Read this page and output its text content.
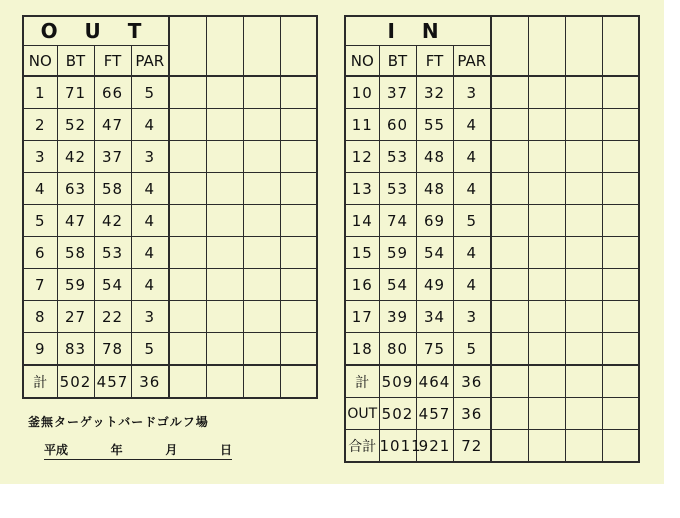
O U T							
NO	BT	FT	PAR				
1	71	66	5				
2	52	47	4				
3	42	37	3				
4	63	58	4				
5	47	42	4				
6	58	53	4				
7	59	54	4				
8	27	22	3				
9	83	78	5				
計	502	457	36				
I N							
NO	BT	FT	PAR				
10	37	32	3				
11	60	55	4				
12	53	48	4				
13	53	48	4				
14	74	69	5				
15	59	54	4				
16	54	49	4				
17	39	34	3				
18	80	75	5				
計	509	464	36				
OUT	502	457	36				
合計	1011	921	72				
釜無ターゲットバードゴルフ場
平成	年	月	日
